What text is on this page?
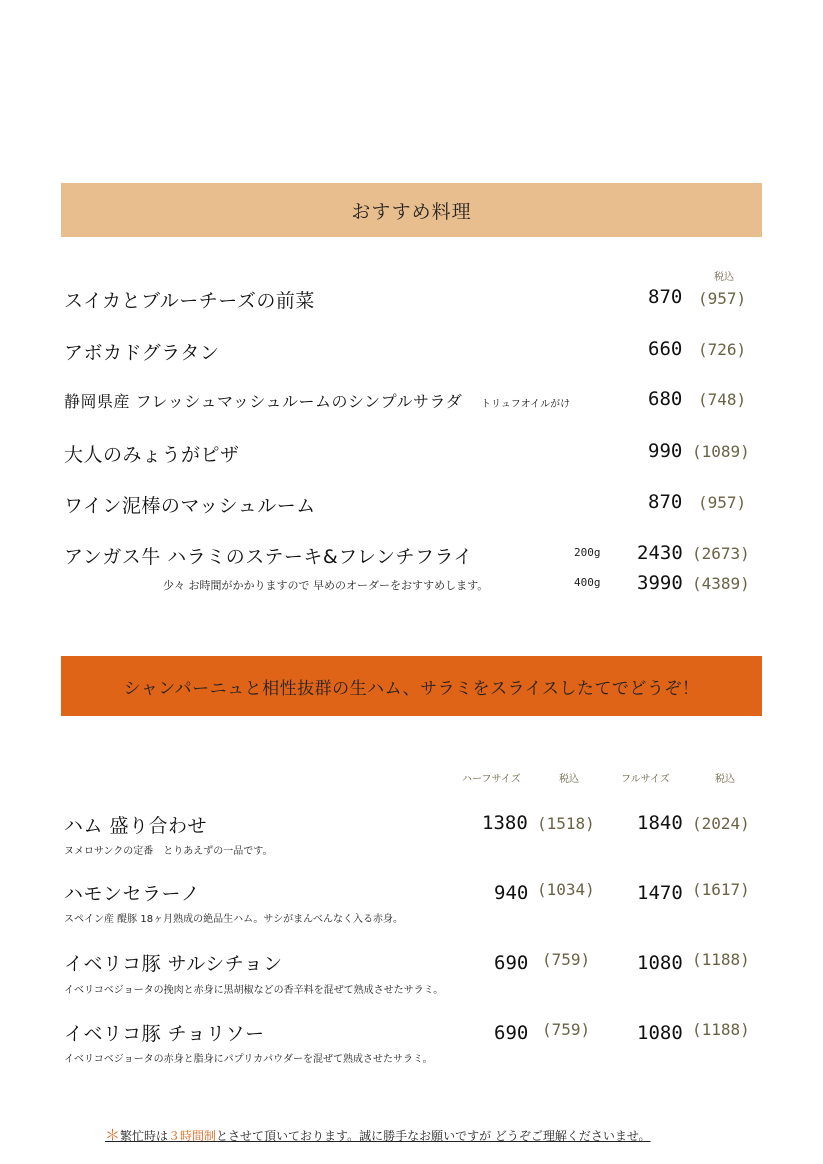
おすすめ料理
税込
スイカとブルーチーズの前菜	870 (957)
アボカドグラタン	660 (726)
静岡県産 フレッシュマッシュルームのシンプルサラダ トリュフオイルがけ	680 (748)
大人のみょうがピザ	990 (1089)
ワイン泥棒のマッシュルーム	870 (957)
アンガス牛 ハラミのステーキ&フレンチフライ
少々 お時間がかかりますので 早めのオーダーをおすすめします。
200g 2430 (2673)
400g 3990 (4389)
シャンパーニュと相性抜群の生ハム、サラミをスライスしたてでどうぞ！
ハーフサイズ	税込	フルサイズ	税込
ハム 盛り合わせ
ヌメロサンクの定番　とりあえずの一品です。
1380 (1518) 1840 (2024)
ハモンセラーノ
スペイン産 醍豚 18ヶ月熟成の絶品生ハム。サシがまんべんなく入る赤身。
940 (1034) 1470 (1617)
イベリコ豚 サルシチョン
イベリコベジョータの挽肉と赤身に黒胡椒などの香辛料を混ぜて熟成させたサラミ。
690 (759) 1080 (1188)
イベリコ豚 チョリソー
イベリコベジョータの赤身と脂身にパプリカパウダーを混ぜて熟成させたサラミ。
690 (759) 1080 (1188)
＊繁忙時は３時間制とさせて頂いております。誠に勝手なお願いですが どうぞご理解くださいませ。
